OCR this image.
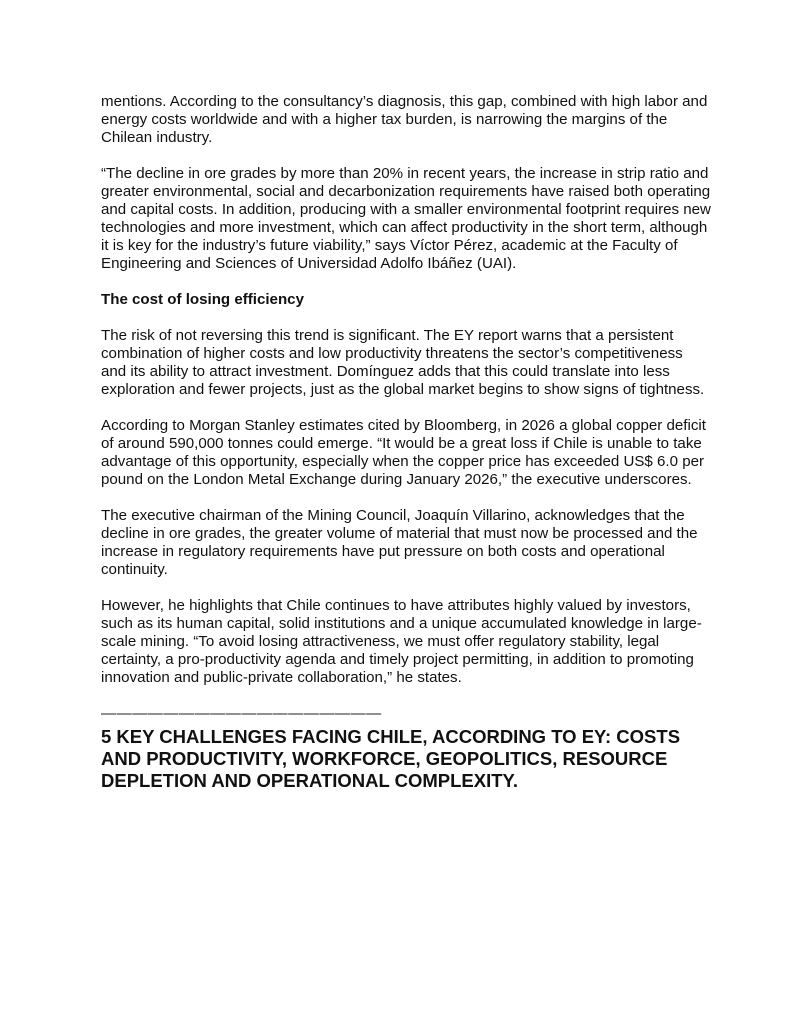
mentions. According to the consultancy’s diagnosis, this gap, combined with high labor and energy costs worldwide and with a higher tax burden, is narrowing the margins of the Chilean industry.

“The decline in ore grades by more than 20% in recent years, the increase in strip ratio and greater environmental, social and decarbonization requirements have raised both operating and capital costs. In addition, producing with a smaller environmental footprint requires new technologies and more investment, which can affect productivity in the short term, although it is key for the industry’s future viability,” says Víctor Pérez, academic at the Faculty of Engineering and Sciences of Universidad Adolfo Ibáñez (UAI).

The cost of losing efficiency

The risk of not reversing this trend is significant. The EY report warns that a persistent combination of higher costs and low productivity threatens the sector’s competitiveness and its ability to attract investment. Domínguez adds that this could translate into less exploration and fewer projects, just as the global market begins to show signs of tightness.

According to Morgan Stanley estimates cited by Bloomberg, in 2026 a global copper deficit of around 590,000 tonnes could emerge. “It would be a great loss if Chile is unable to take advantage of this opportunity, especially when the copper price has exceeded US$ 6.0 per pound on the London Metal Exchange during January 2026,” the executive underscores.

The executive chairman of the Mining Council, Joaquín Villarino, acknowledges that the decline in ore grades, the greater volume of material that must now be processed and the increase in regulatory requirements have put pressure on both costs and operational continuity.

However, he highlights that Chile continues to have attributes highly valued by investors, such as its human capital, solid institutions and a unique accumulated knowledge in large-scale mining. “To avoid losing attractiveness, we must offer regulatory stability, legal certainty, a pro-productivity agenda and timely project permitting, in addition to promoting innovation and public-private collaboration,” he states.

——————————————————
5 KEY CHALLENGES FACING CHILE, ACCORDING TO EY: COSTS AND PRODUCTIVITY, WORKFORCE, GEOPOLITICS, RESOURCE DEPLETION AND OPERATIONAL COMPLEXITY.
